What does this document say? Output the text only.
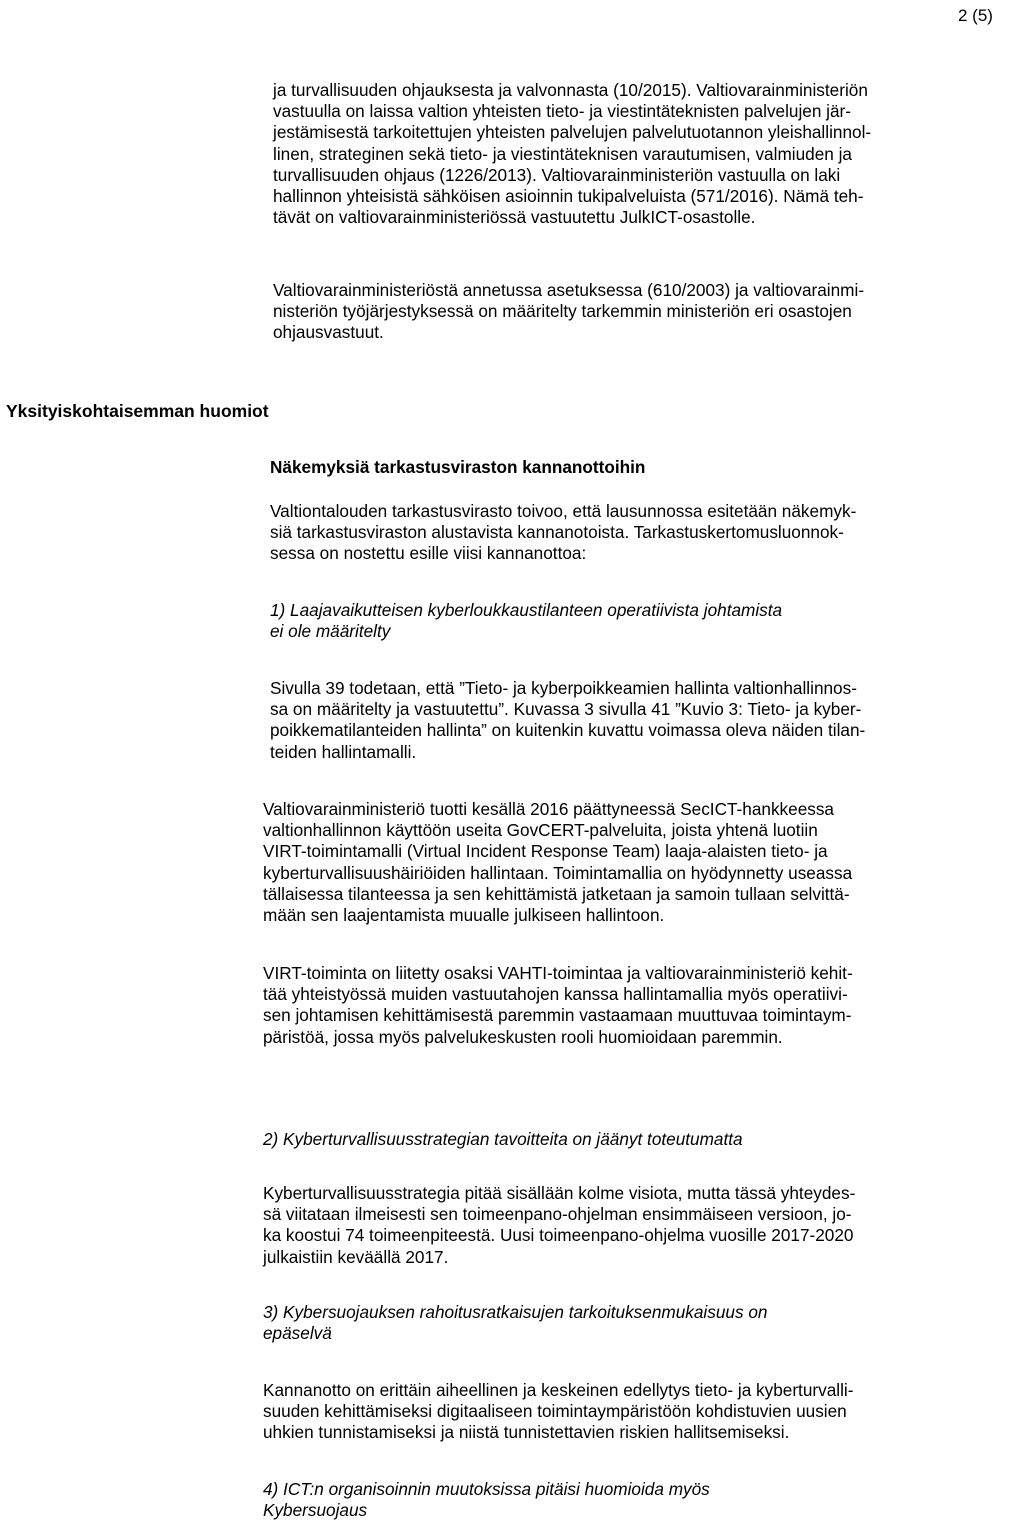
2 (5)

ja turvallisuuden ohjauksesta ja valvonnasta (10/2015). Valtiovarainministeriön
vastuulla on laissa valtion yhteisten tieto- ja viestintäteknisten palvelujen jär-
jestämisestä tarkoitettujen yhteisten palvelujen palvelutuotannon yleishallinnol-
linen, strateginen sekä tieto- ja viestintäteknisen varautumisen, valmiuden ja
turvallisuuden ohjaus (1226/2013). Valtiovarainministeriön vastuulla on laki
hallinnon yhteisistä sähköisen asioinnin tukipalveluista (571/2016). Nämä teh-
tävät on valtiovarainministeriössä vastuutettu JulkICT-osastolle.

Valtiovarainministeriöstä annetussa asetuksessa (610/2003) ja valtiovarainmi-
nisteriön työjärjestyksessä on määritelty tarkemmin ministeriön eri osastojen
ohjausvastuut.

Yksityiskohtaisemman huomiot
Näkemyksiä tarkastusviraston kannanottoihin

Valtiontalouden tarkastusvirasto toivoo, että lausunnossa esitetään näkemyk-
siä tarkastusviraston alustavista kannanotoista. Tarkastuskertomusluonnok-
sessa on nostettu esille viisi kannanottoa:

1) Laajavaikutteisen kyberloukkaustilanteen operatiivista johtamista
ei ole määritelty

Sivulla 39 todetaan, että ”Tieto- ja kyberpoikkeamien hallinta valtionhallinnos-
sa on määritelty ja vastuutettu”. Kuvassa 3 sivulla 41 ”Kuvio 3: Tieto- ja kyber-
poikkematilanteiden hallinta” on kuitenkin kuvattu voimassa oleva näiden tilan-
teiden hallintamalli.

Valtiovarainministeriö tuotti kesällä 2016 päättyneessä SecICT-hankkeessa
valtionhallinnon käyttöön useita GovCERT-palveluita, joista yhtenä luotiin
VIRT-toimintamalli (Virtual Incident Response Team) laaja-alaisten tieto- ja
kyberturvallisuushäiriöiden hallintaan. Toimintamallia on hyödynnetty useassa
tällaisessa tilanteessa ja sen kehittämistä jatketaan ja samoin tullaan selvittä-
mään sen laajentamista muualle julkiseen hallintoon.

VIRT-toiminta on liitetty osaksi VAHTI-toimintaa ja valtiovarainministeriö kehit-
tää yhteistyössä muiden vastuutahojen kanssa hallintamallia myös operatiivi-
sen johtamisen kehittämisestä paremmin vastaamaan muuttuvaa toimintaym-
päristöä, jossa myös palvelukeskusten rooli huomioidaan paremmin.

2) Kyberturvallisuusstrategian tavoitteita on jäänyt toteutumatta

Kyberturvallisuusstrategia pitää sisällään kolme visiota, mutta tässä yhteydes-
sä viitataan ilmeisesti sen toimeenpano-ohjelman ensimmäiseen versioon, jo-
ka koostui 74 toimeenpiteestä. Uusi toimeenpano-ohjelma vuosille 2017-2020
julkaistiin keväällä 2017.

3) Kybersuojauksen rahoitusratkaisujen tarkoituksenmukaisuus on
epäselvä

Kannanotto on erittäin aiheellinen ja keskeinen edellytys tieto- ja kyberturvalli-
suuden kehittämiseksi digitaaliseen toimintaympäristöön kohdistuvien uusien
uhkien tunnistamiseksi ja niistä tunnistettavien riskien hallitsemiseksi.

4) ICT:n organisoinnin muutoksissa pitäisi huomioida myös
Kybersuojaus
